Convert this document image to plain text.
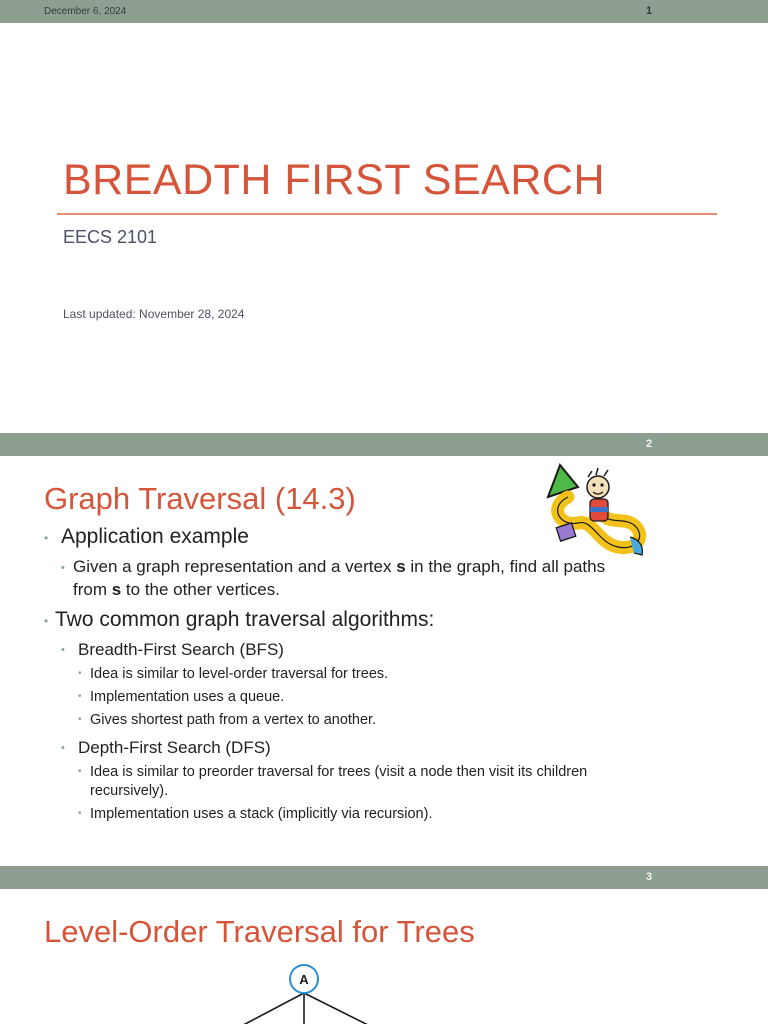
December 6, 2024	1
BREADTH FIRST SEARCH
EECS 2101
Last updated: November 28, 2024
2
Graph Traversal (14.3)
• Application example
• Given a graph representation and a vertex s in the graph, find all paths
from s to the other vertices.
• Two common graph traversal algorithms:
• Breadth-First Search (BFS)
• Idea is similar to level-order traversal for trees.
• Implementation uses a queue.
• Gives shortest path from a vertex to another.
• Depth-First Search (DFS)
• Idea is similar to preorder traversal for trees (visit a node then visit its children
recursively).
• Implementation uses a stack (implicitly via recursion).
3
Level-Order Traversal for Trees
A
